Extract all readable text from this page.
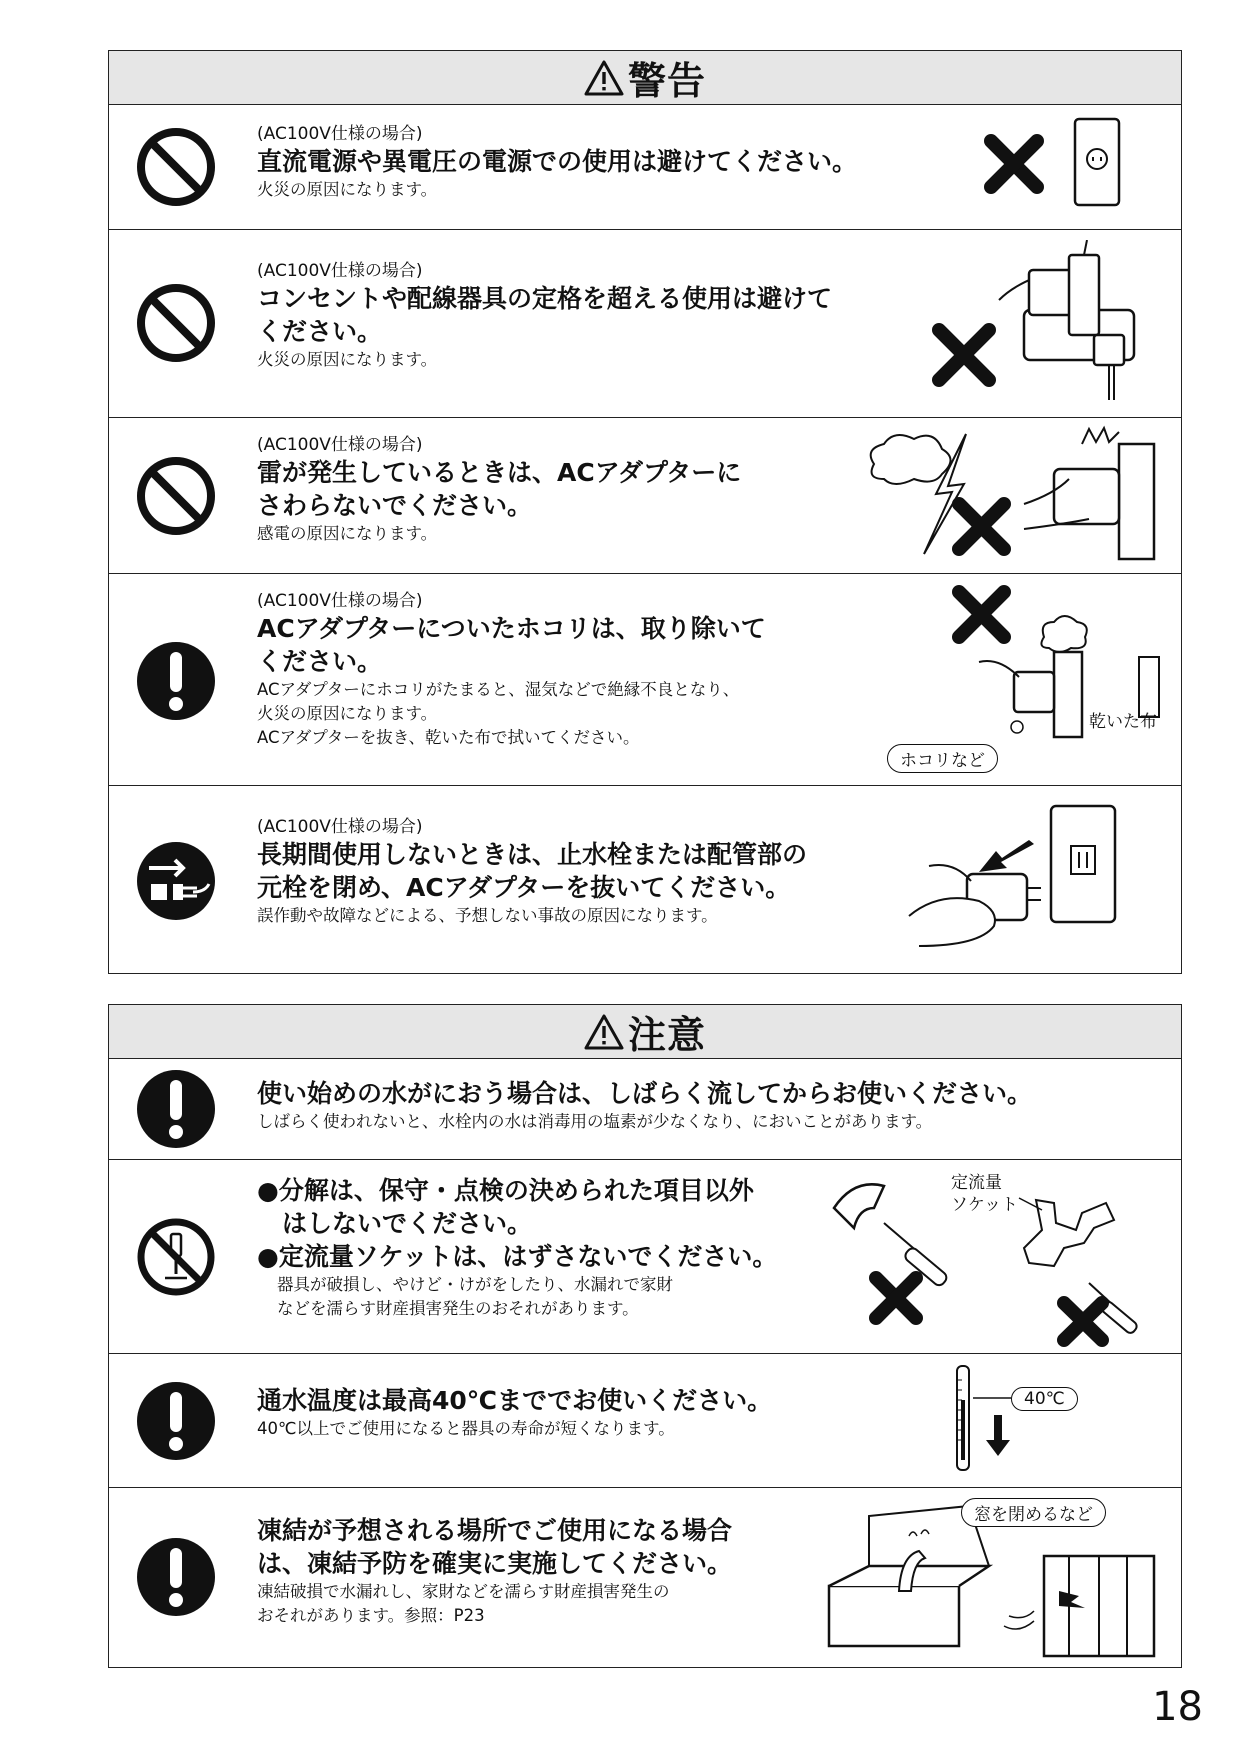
警告
(AC100V仕様の場合)
直流電源や異電圧の電源での使用は避けてください。
火災の原因になります。
(AC100V仕様の場合)
コンセントや配線器具の定格を超える使用は避けて
ください。
火災の原因になります。
(AC100V仕様の場合)
雷が発生しているときは、ACアダプターに
さわらないでください。
感電の原因になります。
(AC100V仕様の場合)
ACアダプターについたホコリは、取り除いて
ください。
ACアダプターにホコリがたまると、湿気などで絶縁不良となり、
火災の原因になります。
ACアダプターを抜き、乾いた布で拭いてください。
ホコリなど
乾いた布
(AC100V仕様の場合)
長期間使用しないときは、止水栓または配管部の
元栓を閉め、ACアダプターを抜いてください。
誤作動や故障などによる、予想しない事故の原因になります。
注意
使い始めの水がにおう場合は、しばらく流してからお使いください。
しばらく使われないと、水栓内の水は消毒用の塩素が少なくなり、においことがあります。
●分解は、保守・点検の決められた項目以外
　はしないでください。
●定流量ソケットは、はずさないでください。
器具が破損し、やけど・けがをしたり、水漏れで家財
などを濡らす財産損害発生のおそれがあります。
定流量
ソケット
通水温度は最高40℃まででお使いください。
40℃以上でご使用になると器具の寿命が短くなります。
40℃
凍結が予想される場所でご使用になる場合
は、凍結予防を確実に実施してください。
凍結破損で水漏れし、家財などを濡らす財産損害発生の
おそれがあります。参照：P23
窓を閉めるなど
18
